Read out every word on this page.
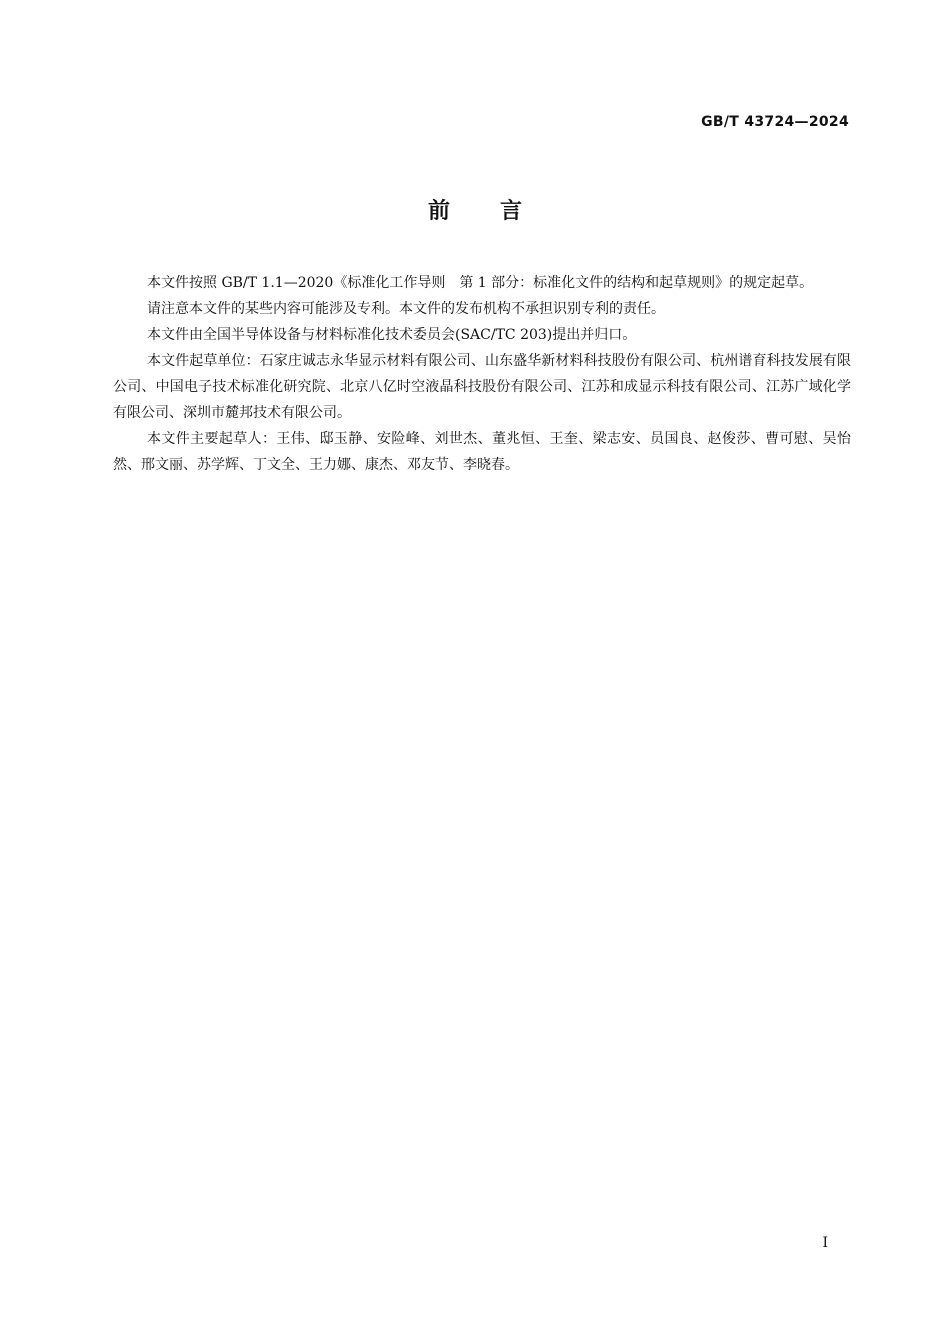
GB/T 43724—2024
前言

本文件按照 GB/T 1.1—2020《标准化工作导则　第 1 部分：标准化文件的结构和起草规则》的规定起草。

请注意本文件的某些内容可能涉及专利。本文件的发布机构不承担识别专利的责任。

本文件由全国半导体设备与材料标准化技术委员会(SAC/TC 203)提出并归口。

本文件起草单位：石家庄诚志永华显示材料有限公司、山东盛华新材料科技股份有限公司、杭州谱育科技发展有限公司、中国电子技术标准化研究院、北京八亿时空液晶科技股份有限公司、江苏和成显示科技有限公司、江苏广域化学有限公司、深圳市麓邦技术有限公司。

本文件主要起草人：王伟、邸玉静、安险峰、刘世杰、董兆恒、王奎、梁志安、员国良、赵俊莎、曹可慰、吴怡然、邢文丽、苏学辉、丁文全、王力娜、康杰、邓友节、李晓春。

I
